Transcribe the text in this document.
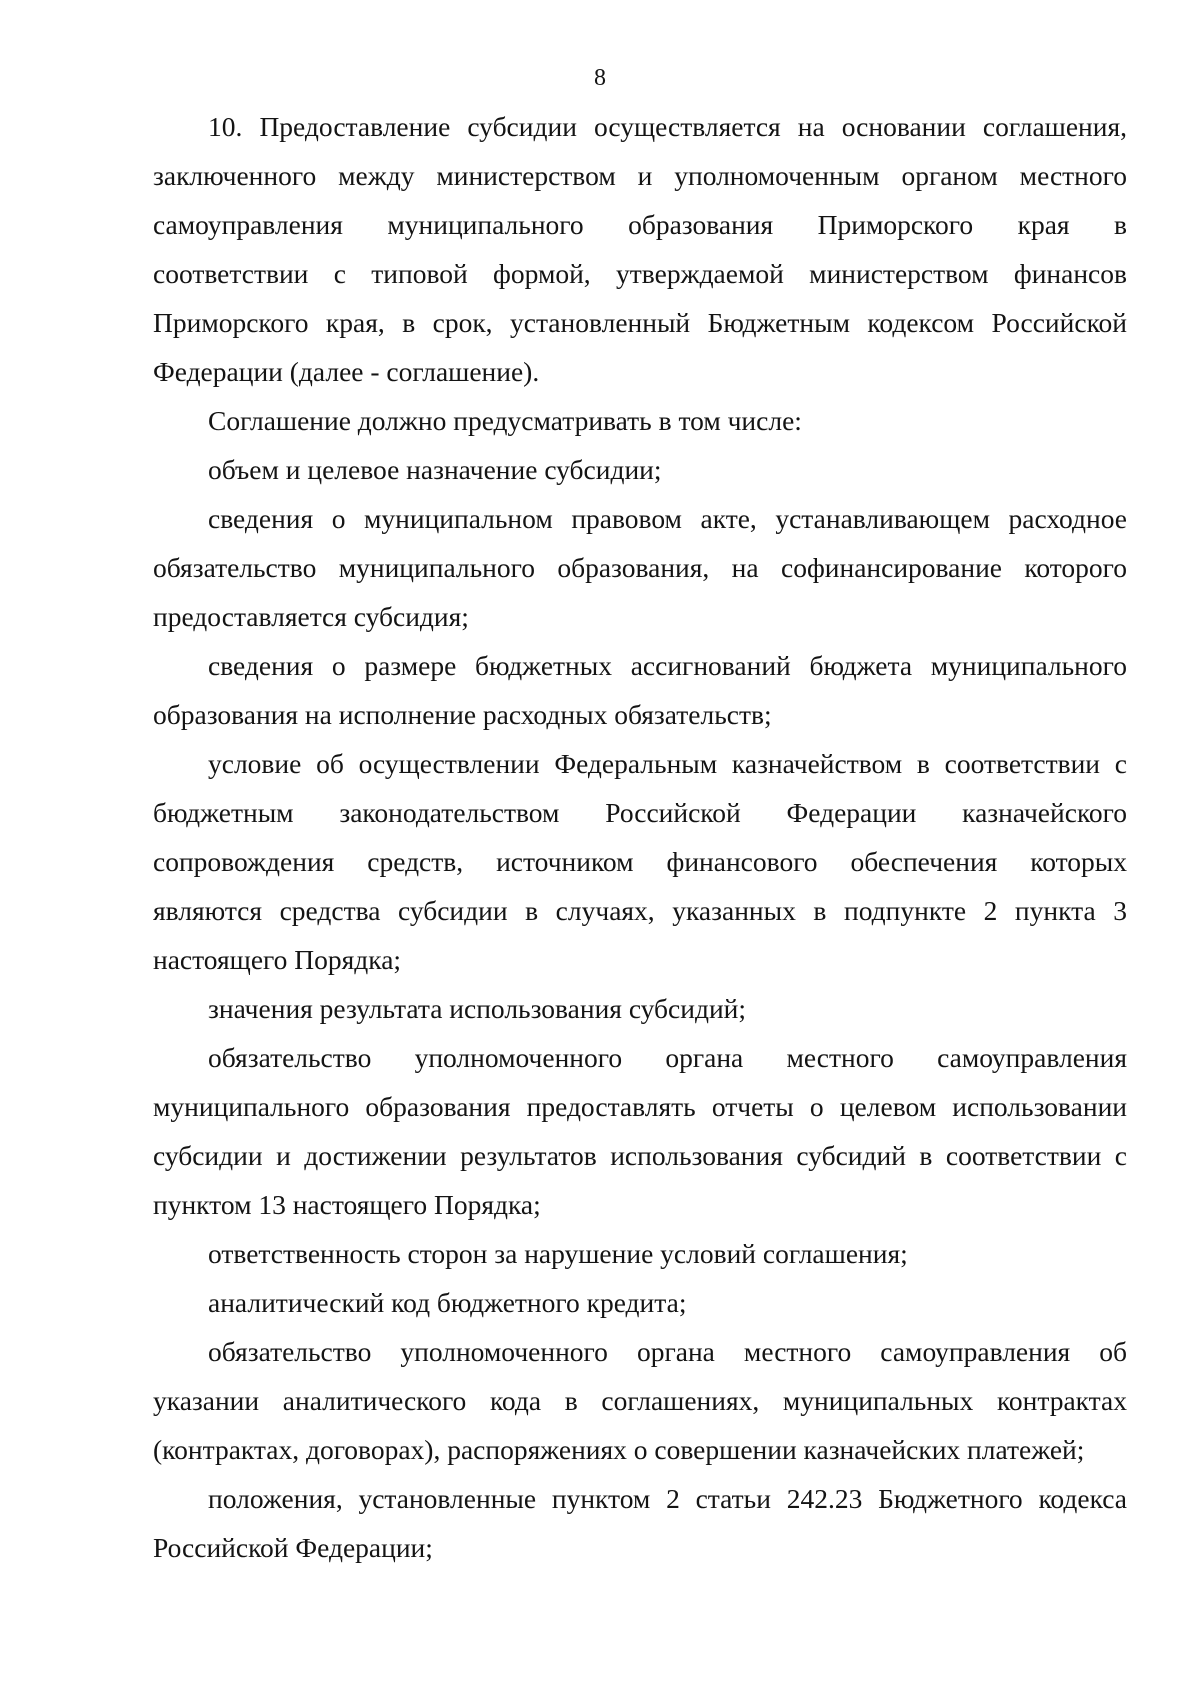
8
10. Предоставление субсидии осуществляется на основании соглашения,
заключенного между министерством и уполномоченным органом местного
самоуправления муниципального образования Приморского края в
соответствии с типовой формой, утверждаемой министерством финансов
Приморского края, в срок, установленный Бюджетным кодексом Российской
Федерации (далее - соглашение).
Соглашение должно предусматривать в том числе:
объем и целевое назначение субсидии;
сведения о муниципальном правовом акте, устанавливающем расходное
обязательство муниципального образования, на софинансирование которого
предоставляется субсидия;
сведения о размере бюджетных ассигнований бюджета муниципального
образования на исполнение расходных обязательств;
условие об осуществлении Федеральным казначейством в соответствии с
бюджетным законодательством Российской Федерации казначейского
сопровождения средств, источником финансового обеспечения которых
являются средства субсидии в случаях, указанных в подпункте 2 пункта 3
настоящего Порядка;
значения результата использования субсидий;
обязательство уполномоченного органа местного самоуправления
муниципального образования предоставлять отчеты о целевом использовании
субсидии и достижении результатов использования субсидий в соответствии с
пунктом 13 настоящего Порядка;
ответственность сторон за нарушение условий соглашения;
аналитический код бюджетного кредита;
обязательство уполномоченного органа местного самоуправления об
указании аналитического кода в соглашениях, муниципальных контрактах
(контрактах, договорах), распоряжениях о совершении казначейских платежей;
положения, установленные пунктом 2 статьи 242.23 Бюджетного кодекса
Российской Федерации;
